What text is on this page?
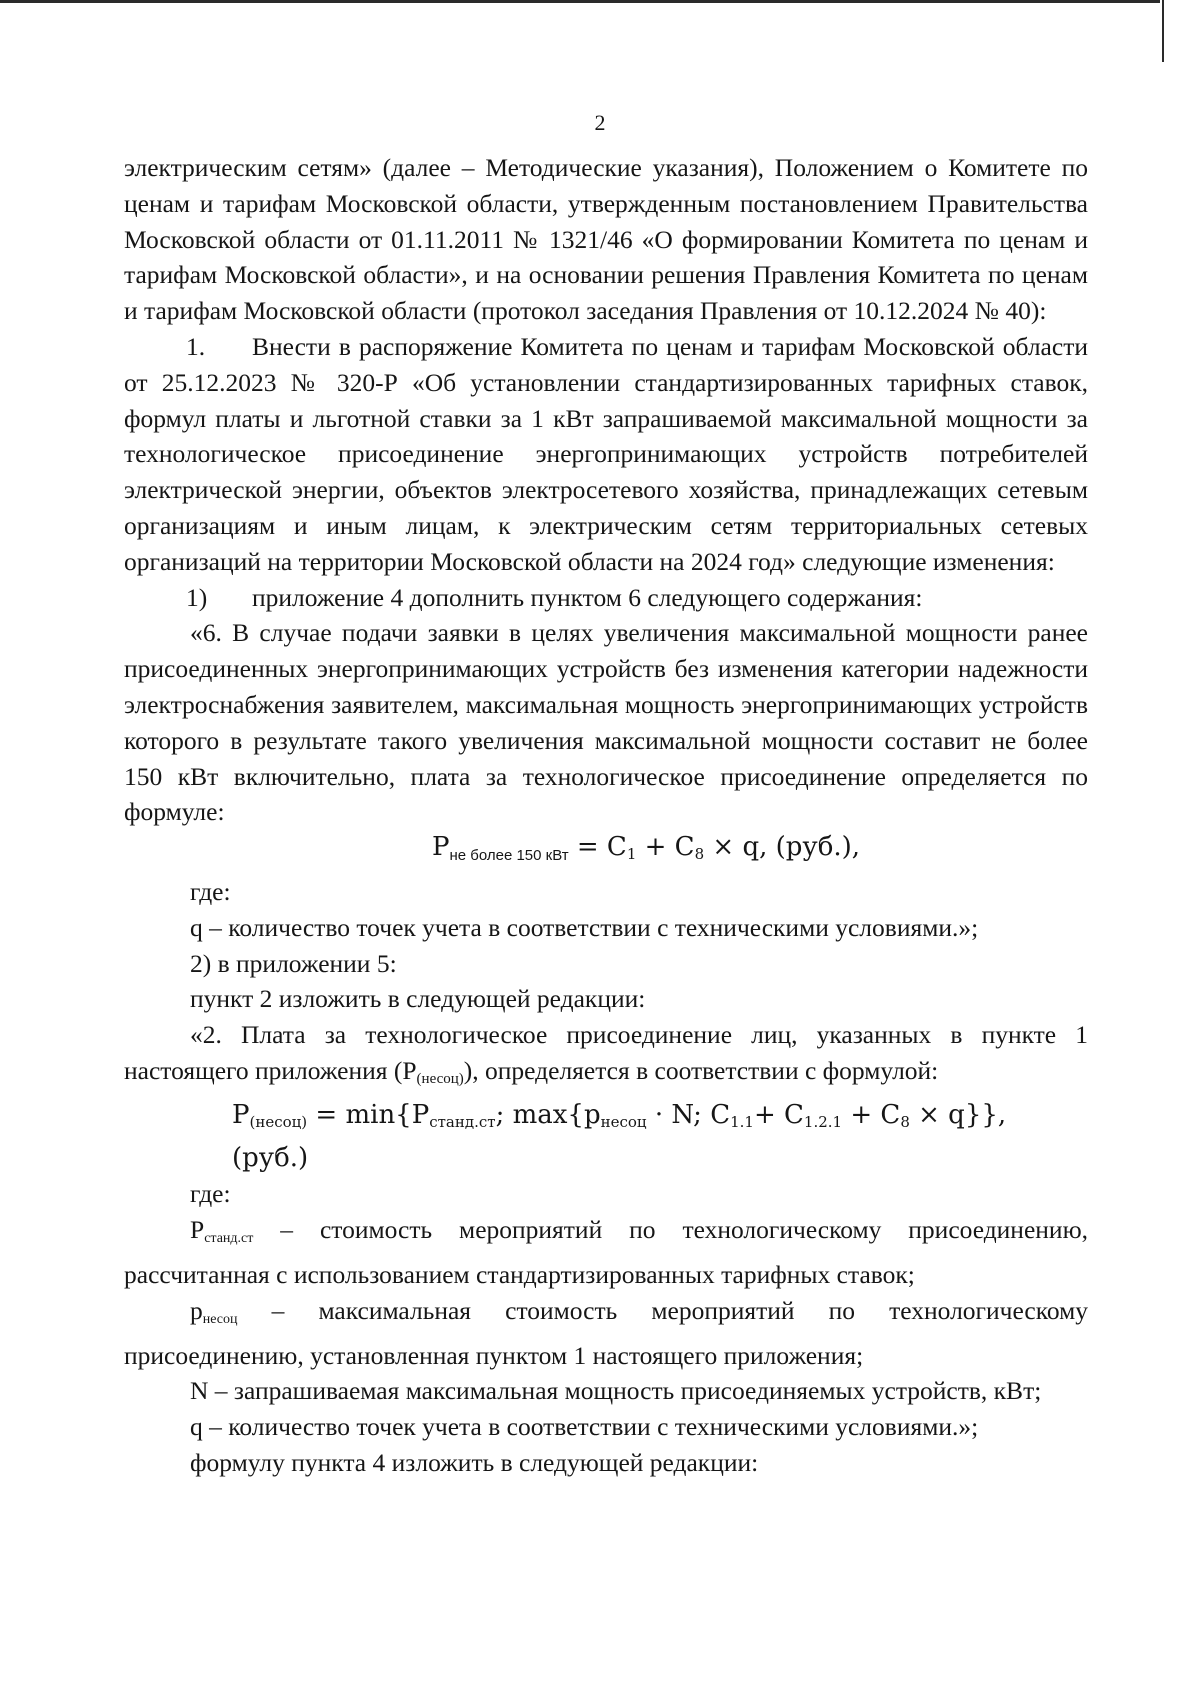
2

электрическим сетям» (далее – Методические указания), Положением о Комитете по ценам и тарифам Московской области, утвержденным постановлением Правительства Московской области от 01.11.2011 № 1321/46 «О формировании Комитета по ценам и тарифам Московской области», и на основании решения Правления Комитета по ценам и тарифам Московской области (протокол заседания Правления от 10.12.2024 № 40):

1. Внести в распоряжение Комитета по ценам и тарифам Московской области от 25.12.2023 № 320-Р «Об установлении стандартизированных тарифных ставок, формул платы и льготной ставки за 1 кВт запрашиваемой максимальной мощности за технологическое присоединение энергопринимающих устройств потребителей электрической энергии, объектов электросетевого хозяйства, принадлежащих сетевым организациям и иным лицам, к электрическим сетям территориальных сетевых организаций на территории Московской области на 2024 год» следующие изменения:

1) приложение 4 дополнить пунктом 6 следующего содержания:

«6. В случае подачи заявки в целях увеличения максимальной мощности ранее присоединенных энергопринимающих устройств без изменения категории надежности электроснабжения заявителем, максимальная мощность энергопринимающих устройств которого в результате такого увеличения максимальной мощности составит не более 150 кВт включительно, плата за технологическое присоединение определяется по формуле:

$P_{не более 150 кВт} = C1 + C8 \times q$, (руб.),

где:

q – количество точек учета в соответствии с техническими условиями.»;

2) в приложении 5:

пункт 2 изложить в следующей редакции:

«2. Плата за технологическое присоединение лиц, указанных в пункте 1 настоящего приложения (P(несоц)), определяется в соответствии с формулой:

P(несоц) = min{Pстанд.ст; max{pнесоц · N; C1.1+ C1.2.1 + C8 × q}}, (руб.)

где:

Pстанд.ст – стоимость мероприятий по технологическому присоединению, рассчитанная с использованием стандартизированных тарифных ставок;

pнесоц – максимальная стоимость мероприятий по технологическому присоединению, установленная пунктом 1 настоящего приложения;

N – запрашиваемая максимальная мощность присоединяемых устройств, кВт;

q – количество точек учета в соответствии с техническими условиями.»;

формулу пункта 4 изложить в следующей редакции:
